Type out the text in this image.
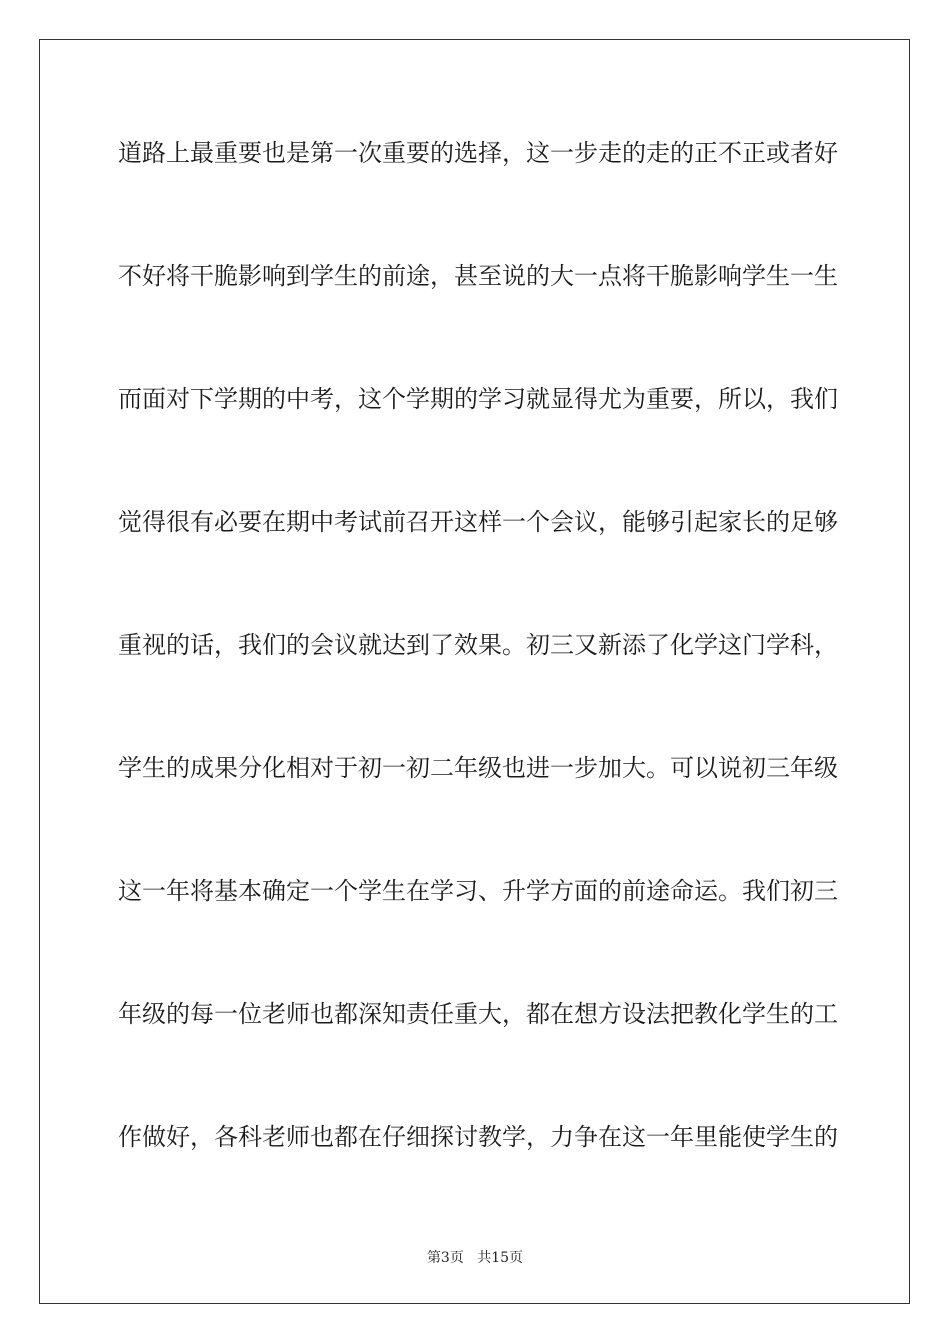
道路上最重要也是第一次重要的选择，这一步走的走的正不正或者好
不好将干脆影响到学生的前途，甚至说的大一点将干脆影响学生一生
而面对下学期的中考，这个学期的学习就显得尤为重要，所以，我们
觉得很有必要在期中考试前召开这样一个会议，能够引起家长的足够
重视的话，我们的会议就达到了效果。初三又新添了化学这门学科，
学生的成果分化相对于初一初二年级也进一步加大。可以说初三年级
这一年将基本确定一个学生在学习、升学方面的前途命运。我们初三
年级的每一位老师也都深知责任重大，都在想方设法把教化学生的工
作做好，各科老师也都在仔细探讨教学，力争在这一年里能使学生的
第3页 共15页
